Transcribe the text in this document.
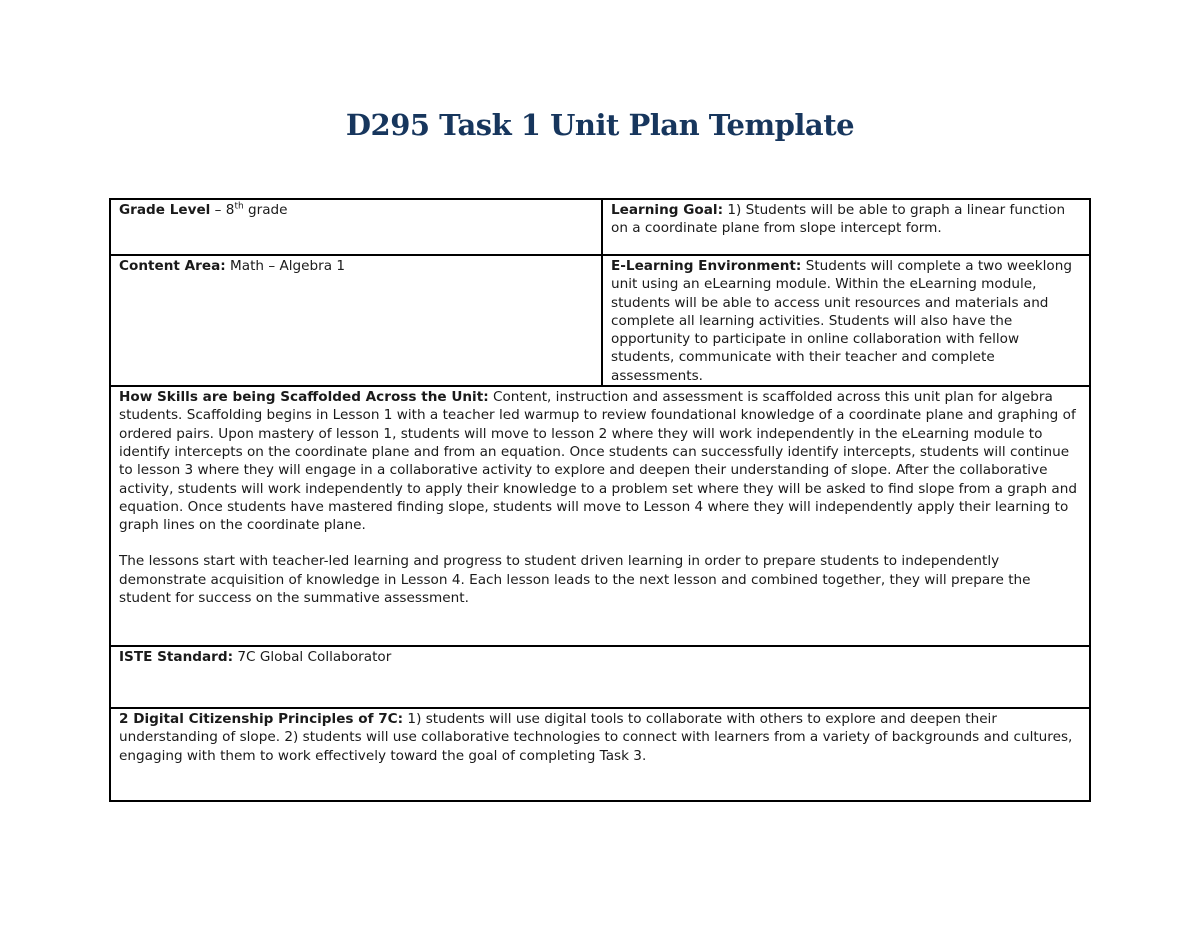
D295 Task 1 Unit Plan Template
Grade Level – 8th grade	Learning Goal: 1) Students will be able to graph a linear function on a coordinate plane from slope intercept form.
Content Area: Math – Algebra 1	E-Learning Environment: Students will complete a two weeklong unit using an eLearning module. Within the eLearning module, students will be able to access unit resources and materials and complete all learning activities. Students will also have the opportunity to participate in online collaboration with fellow students, communicate with their teacher and complete assessments.

How Skills are being Scaffolded Across the Unit: Content, instruction and assessment is scaffolded across this unit plan for algebra students. Scaffolding begins in Lesson 1 with a teacher led warmup to review foundational knowledge of a coordinate plane and graphing of ordered pairs. Upon mastery of lesson 1, students will move to lesson 2 where they will work independently in the eLearning module to identify intercepts on the coordinate plane and from an equation. Once students can successfully identify intercepts, students will continue to lesson 3 where they will engage in a collaborative activity to explore and deepen their understanding of slope. After the collaborative activity, students will work independently to apply their knowledge to a problem set where they will be asked to find slope from a graph and equation. Once students have mastered finding slope, students will move to Lesson 4 where they will independently apply their learning to graph lines on the coordinate plane.

The lessons start with teacher-led learning and progress to student driven learning in order to prepare students to independently demonstrate acquisition of knowledge in Lesson 4. Each lesson leads to the next lesson and combined together, they will prepare the student for success on the summative assessment.	

ISTE Standard: 7C Global Collaborator	
2 Digital Citizenship Principles of 7C: 1) students will use digital tools to collaborate with others to explore and deepen their understanding of slope. 2) students will use collaborative technologies to connect with learners from a variety of backgrounds and cultures, engaging with them to work effectively toward the goal of completing Task 3.	
